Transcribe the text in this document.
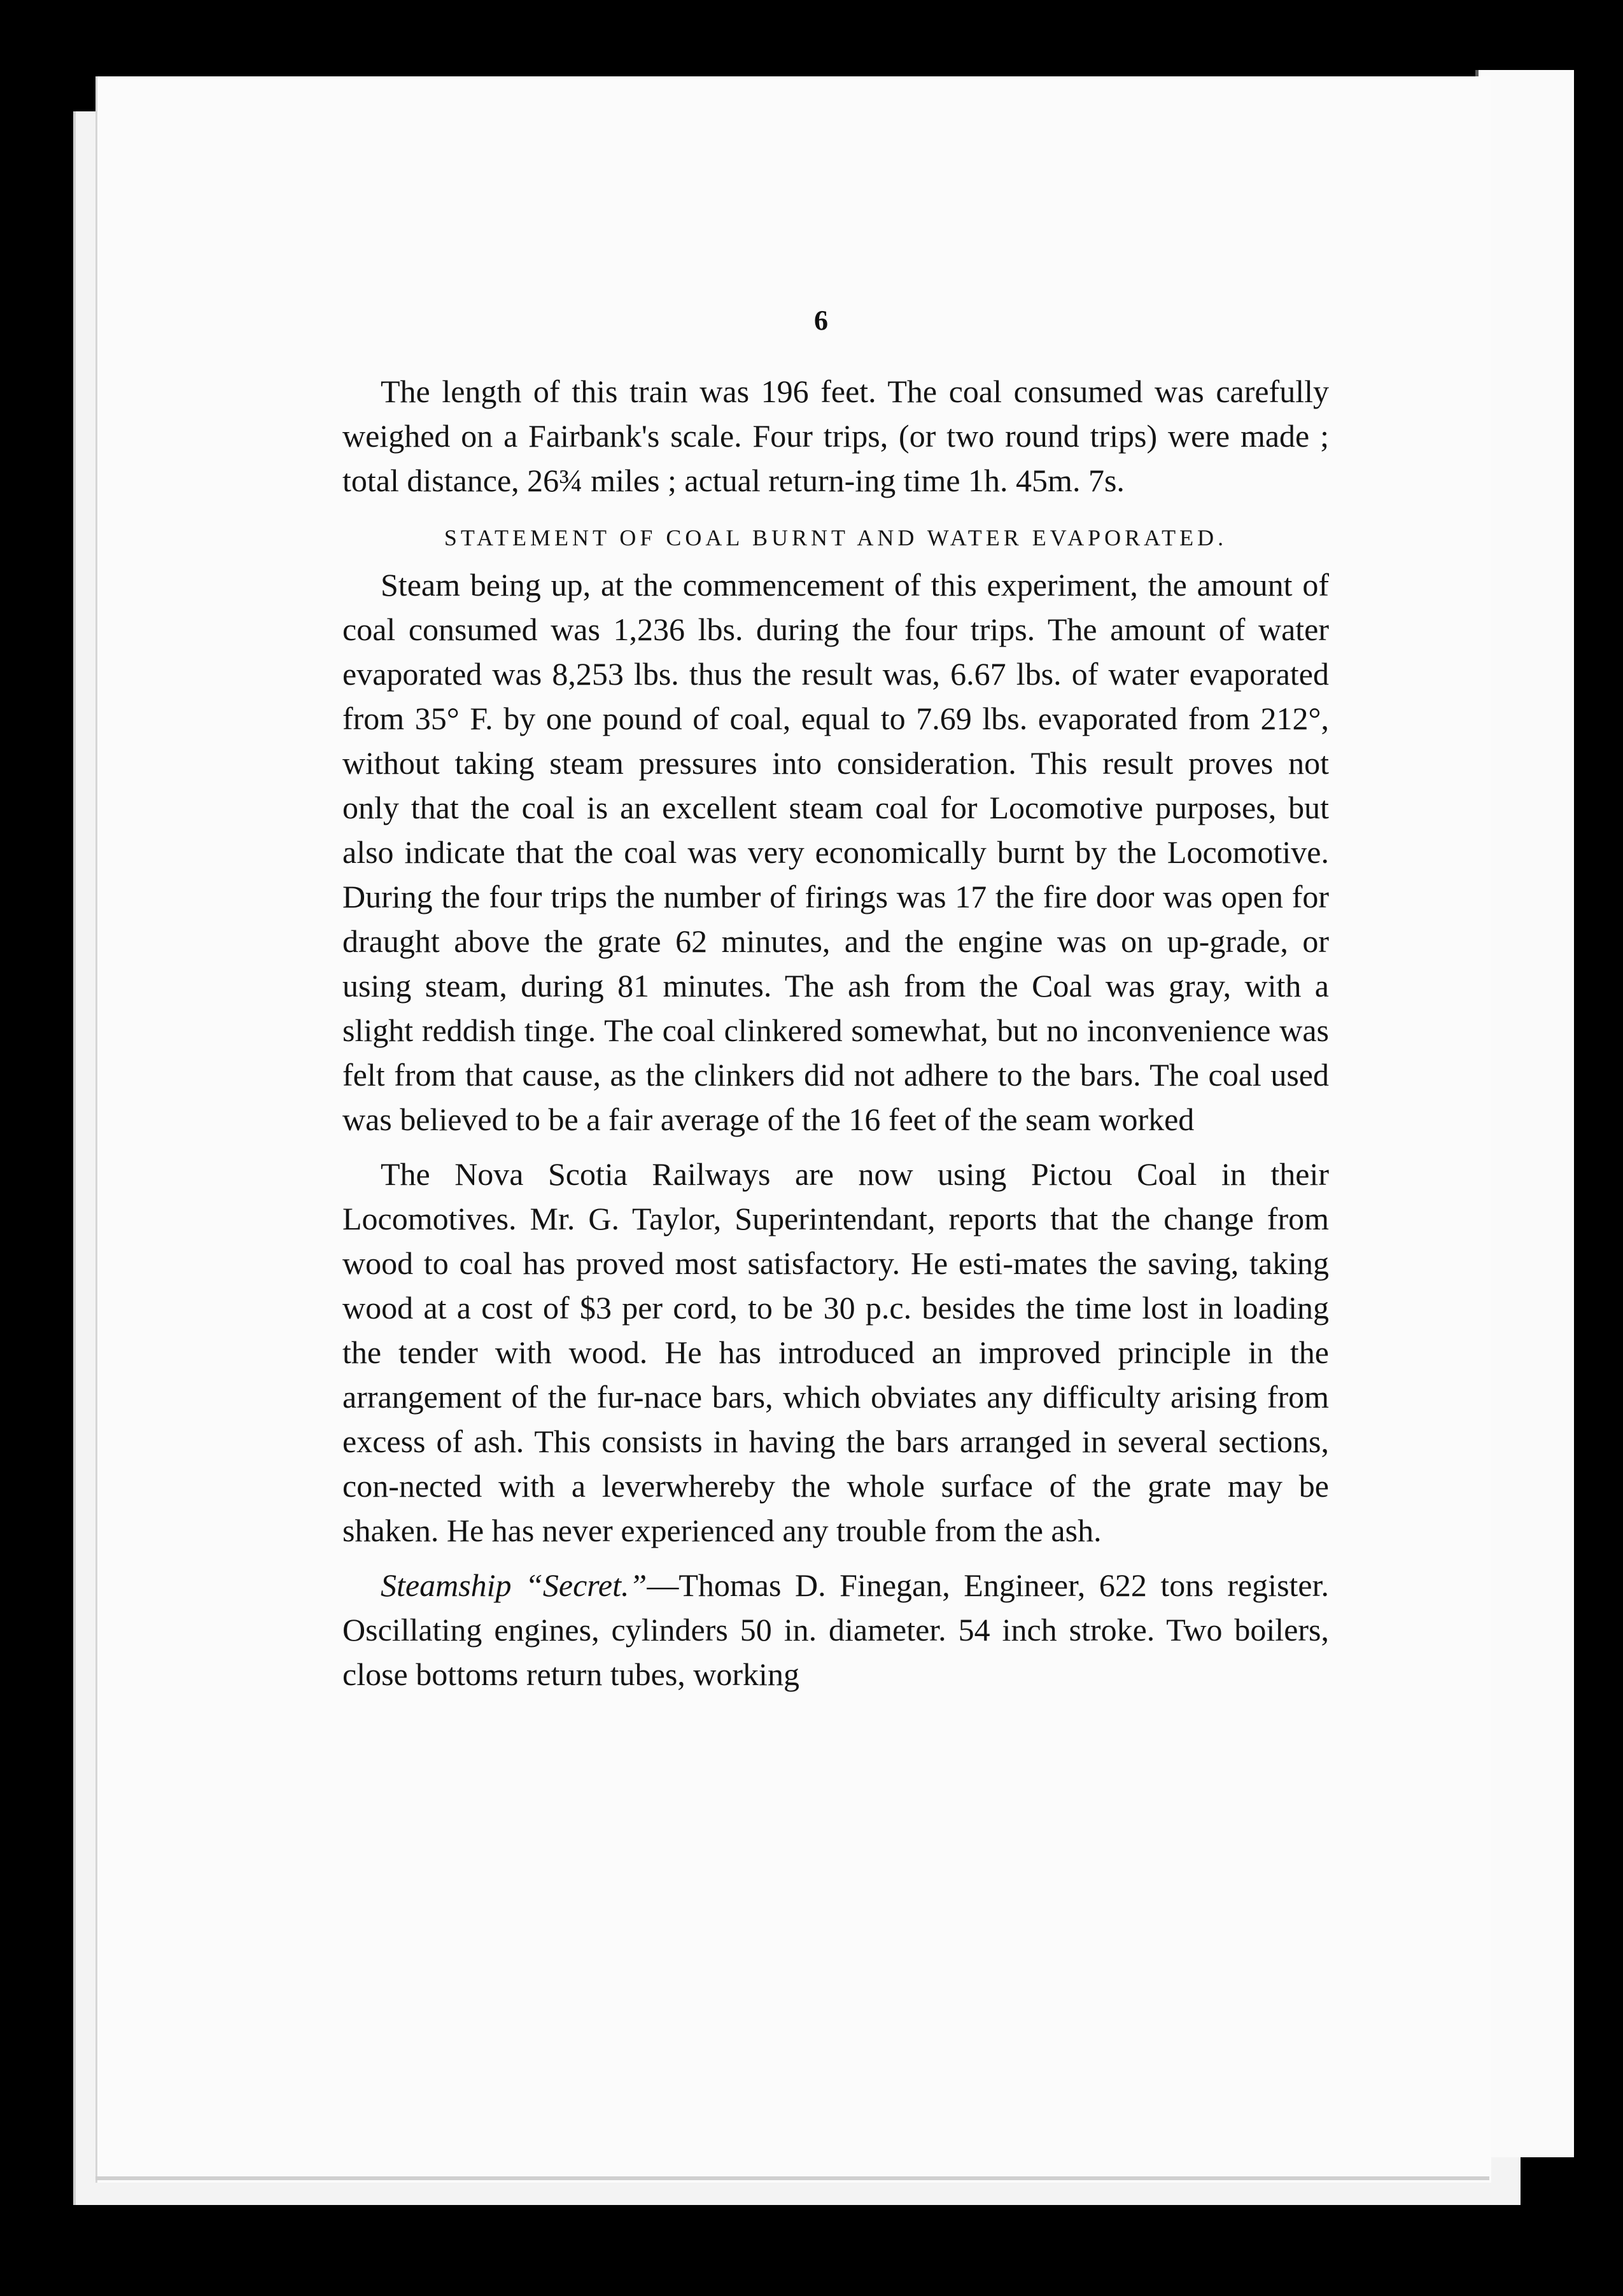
6

The length of this train was 196 feet. The coal consumed was carefully weighed on a Fairbank's scale. Four trips, (or two round trips) were made ; total distance, 26¾ miles ; actual return-ing time 1h. 45m. 7s.

STATEMENT OF COAL BURNT AND WATER EVAPORATED.

Steam being up, at the commencement of this experiment, the amount of coal consumed was 1,236 lbs. during the four trips. The amount of water evaporated was 8,253 lbs. thus the result was, 6.67 lbs. of water evaporated from 35° F. by one pound of coal, equal to 7.69 lbs. evaporated from 212°, without taking steam pressures into consideration. This result proves not only that the coal is an excellent steam coal for Locomotive purposes, but also indicate that the coal was very economically burnt by the Locomotive. During the four trips the number of firings was 17 the fire door was open for draught above the grate 62 minutes, and the engine was on up-grade, or using steam, during 81 minutes. The ash from the Coal was gray, with a slight reddish tinge. The coal clinkered somewhat, but no inconvenience was felt from that cause, as the clinkers did not adhere to the bars. The coal used was believed to be a fair average of the 16 feet of the seam worked

The Nova Scotia Railways are now using Pictou Coal in their Locomotives. Mr. G. Taylor, Superintendant, reports that the change from wood to coal has proved most satisfactory. He esti-mates the saving, taking wood at a cost of $3 per cord, to be 30 p.c. besides the time lost in loading the tender with wood. He has introduced an improved principle in the arrangement of the fur-nace bars, which obviates any difficulty arising from excess of ash. This consists in having the bars arranged in several sections, con-nected with a leverwhereby the whole surface of the grate may be shaken. He has never experienced any trouble from the ash.

Steamship “Secret.”—Thomas D. Finegan, Engineer, 622 tons register. Oscillating engines, cylinders 50 in. diameter. 54 inch stroke. Two boilers, close bottoms return tubes, working
